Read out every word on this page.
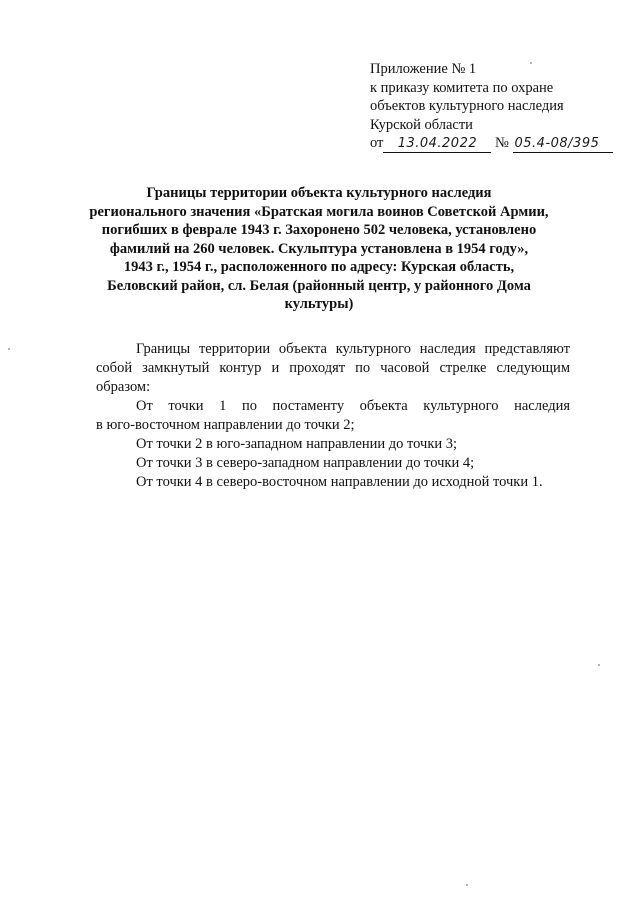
Приложение № 1
к приказу комитета по охране
объектов культурного наследия
Курской области
от 13.04.2022 № 05.4-08/395
Границы территории объекта культурного наследия
регионального значения «Братская могила воинов Советской Армии,
погибших в феврале 1943 г. Захоронено 502 человека, установлено
фамилий на 260 человек. Скульптура установлена в 1954 году»,
1943 г., 1954 г., расположенного по адресу: Курская область,
Беловский район, сл. Белая (районный центр, у районного Дома
культуры)

Границы территории объекта культурного наследия представляют
собой замкнутый контур и проходят по часовой стрелке следующим
образом:

От точки 1 по постаменту объекта культурного наследия
в юго-восточном направлении до точки 2;

От точки 2 в юго-западном направлении до точки 3;

От точки 3 в северо-западном направлении до точки 4;

От точки 4 в северо-восточном направлении до исходной точки 1.
